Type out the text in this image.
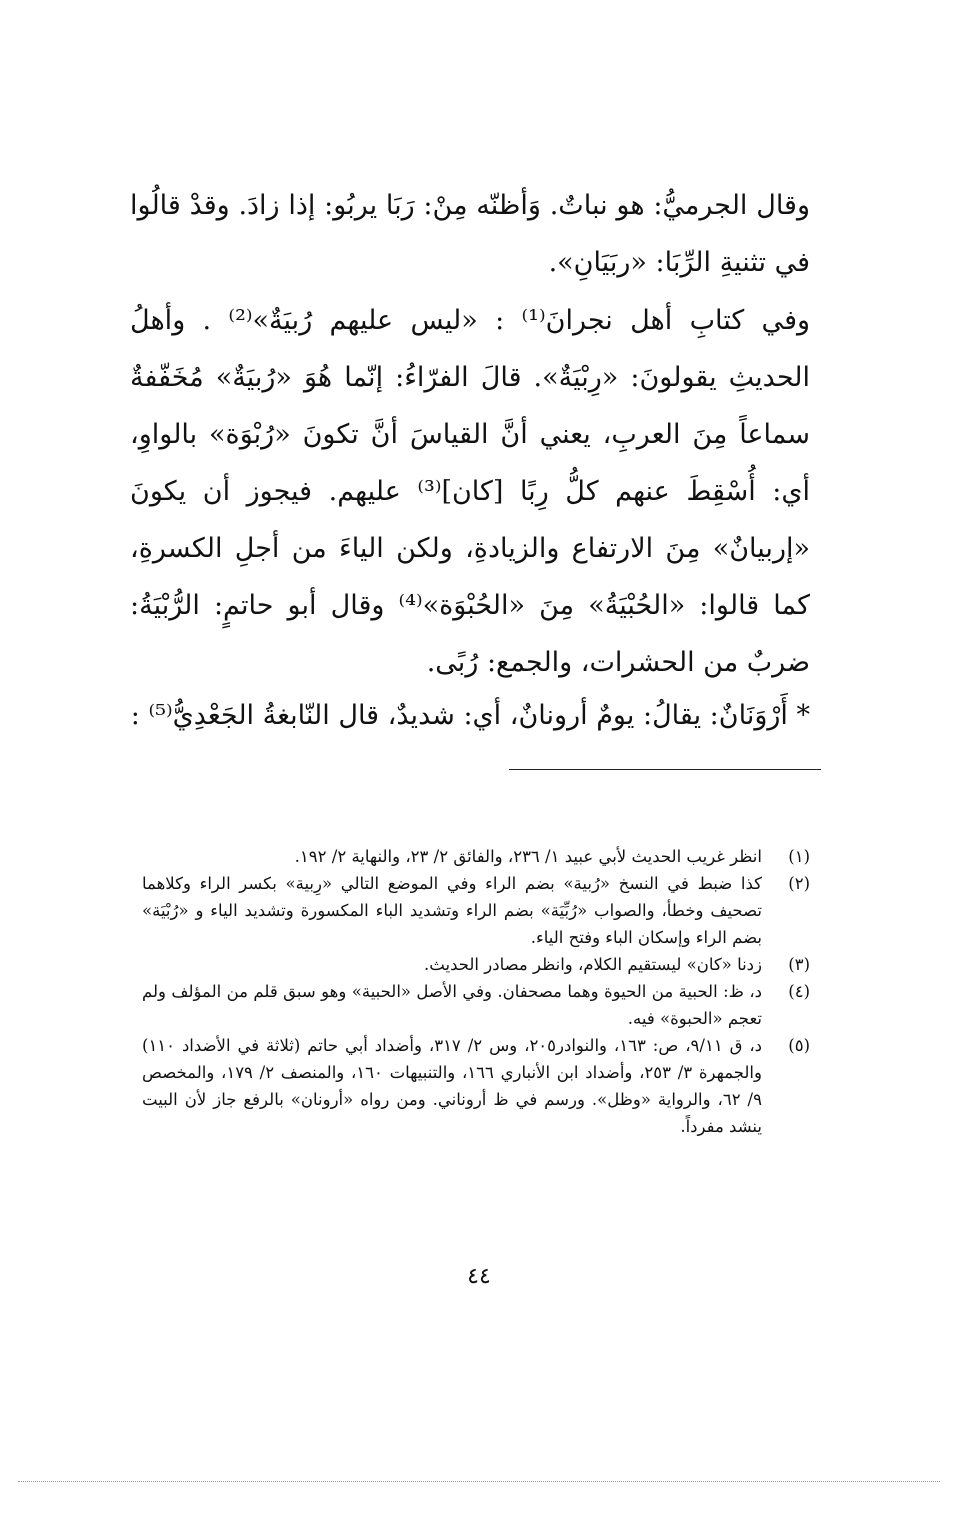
وقال الجرميُّ: هو نباتٌ. وَأظنّه مِنْ: رَبَا يربُو: إذا زادَ. وقدْ قالُوا في تثنيةِ الرِّبَا: «ربَيَانِ».

وفي كتابِ أهل نجرانَ⁽¹⁾ : «ليس عليهم رُبيَةٌ»⁽²⁾ . وأهلُ الحديثِ يقولونَ: «رِبْيَةٌ». قالَ الفرّاءُ: إنّما هُوَ «رُبيَةٌ» مُخَفّفةٌ سماعاً مِنَ العربِ، يعني أنَّ القياسَ أنَّ تكونَ «رُبْوَة» بالواوِ، أي: أُسْقِطَ عنهم كلُّ رِبًا [كان]⁽³⁾ عليهم. فيجوز أن يكونَ «إربيانٌ» مِنَ الارتفاع والزيادةِ، ولكن الياءَ من أجلِ الكسرةِ، كما قالوا: «الحُبْيَةُ» مِنَ «الحُبْوَة»⁽⁴⁾ وقال أبو حاتمٍ: الرُّبْيَةُ: ضربٌ من الحشرات، والجمع: رُبًى.

* أَرْوَنَانٌ: يقالُ: يومٌ أرونانٌ، أي: شديدٌ، قال النّابغةُ الجَعْدِيُّ⁽⁵⁾ :

(١)
انظر غريب الحديث لأبي عبيد ١/ ٢٣٦، والفائق ٢/ ٢٣، والنهاية ٢/ ١٩٢.
(٢)
كذا ضبط في النسخ «رُبية» بضم الراء وفي الموضع التالي «رِبية» بكسر الراء وكلاهما تصحيف وخطأ، والصواب «رُبِّيَة» بضم الراء وتشديد الباء المكسورة وتشديد الياء و «رُبْيَة» بضم الراء وإسكان الباء وفتح الياء.
(٣)
زدنا «كان» ليستقيم الكلام، وانظر مصادر الحديث.
(٤)
د، ظ: الحبية من الحيوة وهما مصحفان. وفي الأصل «الحبية» وهو سبق قلم من المؤلف ولم تعجم «الحبوة» فيه.
(٥)
د، ق ٩/١١، ص: ١٦٣، والنوادر٢٠٥، وس ٢/ ٣١٧، وأضداد أبي حاتم (ثلاثة في الأضداد ١١٠) والجمهرة ٣/ ٢٥٣، وأضداد ابن الأنباري ١٦٦، والتنبيهات ١٦٠، والمنصف ٢/ ١٧٩، والمخصص ٩/ ٦٢، والرواية «وظل». ورسم في ظ أروناني. ومن رواه «أرونان» بالرفع جاز لأن البيت ينشد مفرداً.
٤٤
